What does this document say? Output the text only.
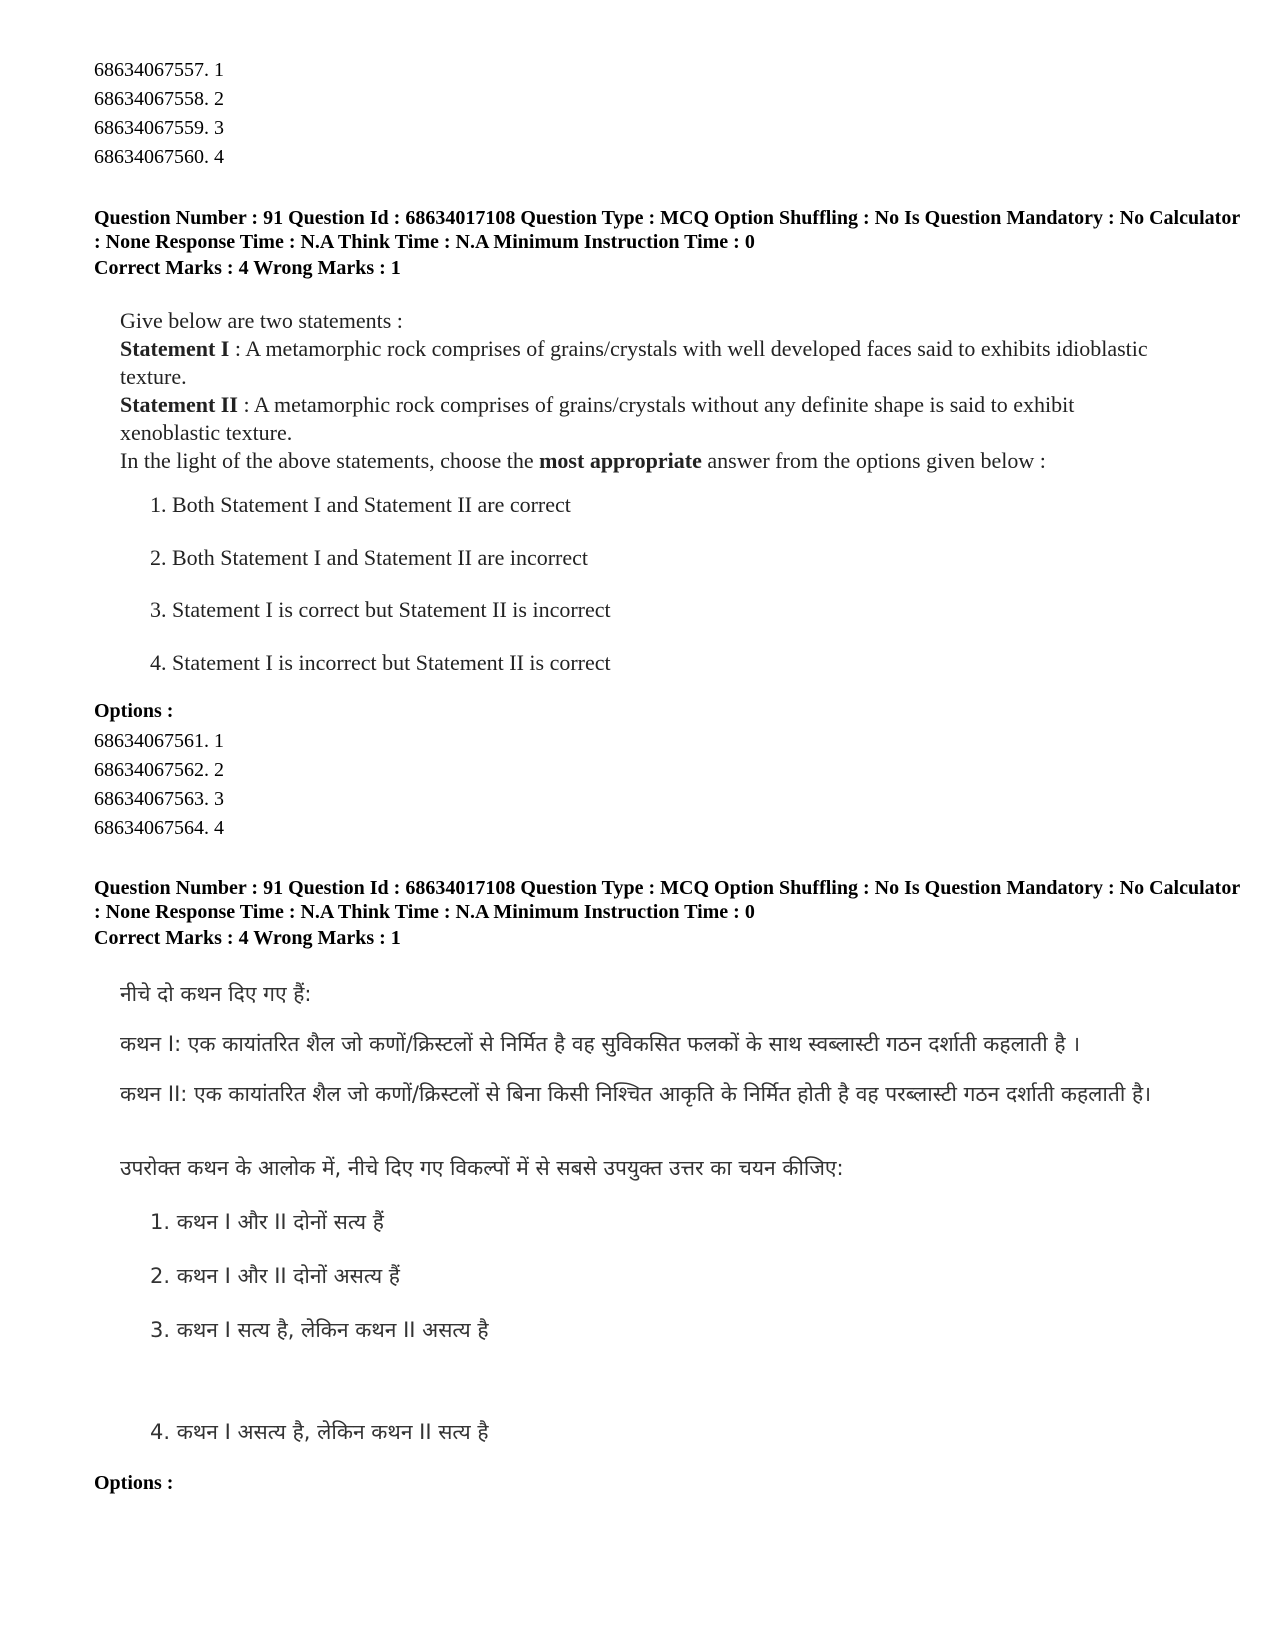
68634067557. 1
68634067558. 2
68634067559. 3
68634067560. 4
Question Number : 91 Question Id : 68634017108 Question Type : MCQ Option Shuffling : No Is Question Mandatory : No Calculator : None Response Time : N.A Think Time : N.A Minimum Instruction Time : 0
Correct Marks : 4 Wrong Marks : 1
Give below are two statements :
Statement I : A metamorphic rock comprises of grains/crystals with well developed faces said to exhibits idioblastic texture.
Statement II : A metamorphic rock comprises of grains/crystals without any definite shape is said to exhibit xenoblastic texture.
In the light of the above statements, choose the most appropriate answer from the options given below :
1. Both Statement I and Statement II are correct
2. Both Statement I and Statement II are incorrect
3. Statement I is correct but Statement II is incorrect
4. Statement I is incorrect but Statement II is correct
Options :
68634067561. 1
68634067562. 2
68634067563. 3
68634067564. 4
Question Number : 91 Question Id : 68634017108 Question Type : MCQ Option Shuffling : No Is Question Mandatory : No Calculator : None Response Time : N.A Think Time : N.A Minimum Instruction Time : 0
Correct Marks : 4 Wrong Marks : 1
नीचे दो कथन दिए गए हैं:
कथन I: एक कायांतरित शैल जो कणों/क्रिस्टलों से निर्मित है वह सुविकसित फलकों के साथ स्वब्लास्टी गठन दर्शाती कहलाती है ।
कथन II: एक कायांतरित शैल जो कणों/क्रिस्टलों से बिना किसी निश्चित आकृति के निर्मित होती है वह परब्लास्टी गठन दर्शाती कहलाती है।
उपरोक्त कथन के आलोक में, नीचे दिए गए विकल्पों में से सबसे उपयुक्त उत्तर का चयन कीजिए:
1. कथन I और II दोनों सत्य हैं
2. कथन I और II दोनों असत्य हैं
3. कथन I सत्य है, लेकिन कथन II असत्य है
4. कथन I असत्य है, लेकिन कथन II सत्य है
Options :
